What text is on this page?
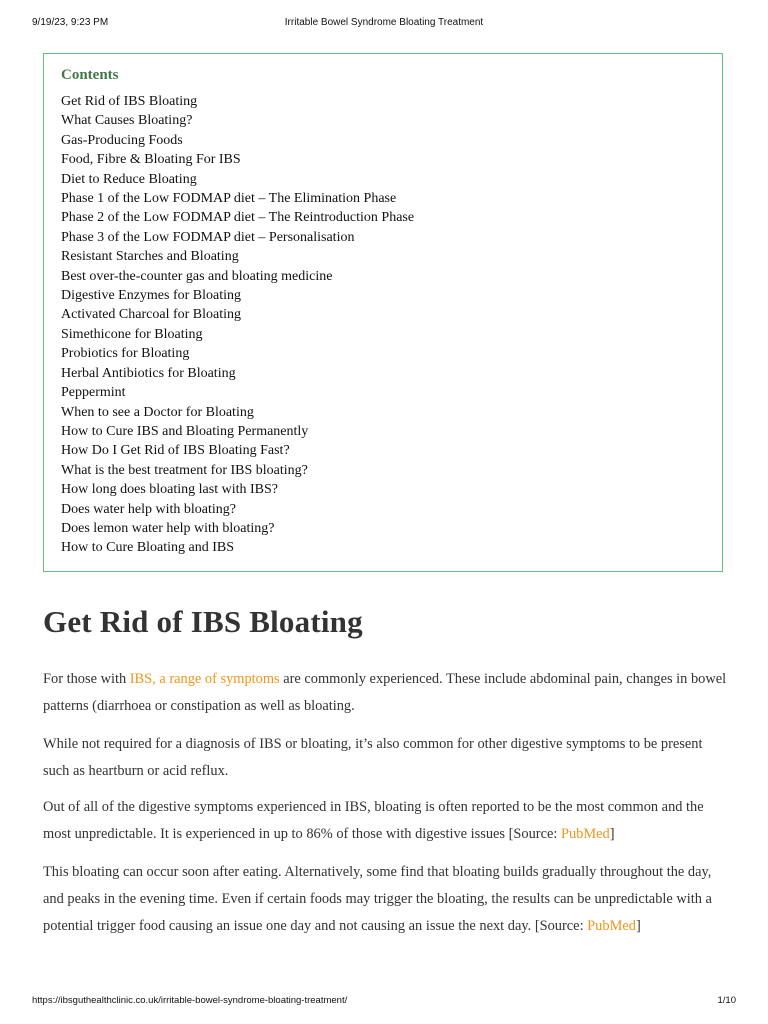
9/19/23, 9:23 PM	Irritable Bowel Syndrome Bloating Treatment
Contents
Get Rid of IBS Bloating
What Causes Bloating?
Gas-Producing Foods
Food, Fibre & Bloating For IBS
Diet to Reduce Bloating
Phase 1 of the Low FODMAP diet – The Elimination Phase
Phase 2 of the Low FODMAP diet – The Reintroduction Phase
Phase 3 of the Low FODMAP diet – Personalisation
Resistant Starches and Bloating
Best over-the-counter gas and bloating medicine
Digestive Enzymes for Bloating
Activated Charcoal for Bloating
Simethicone for Bloating
Probiotics for Bloating
Herbal Antibiotics for Bloating
Peppermint
When to see a Doctor for Bloating
How to Cure IBS and Bloating Permanently
How Do I Get Rid of IBS Bloating Fast?
What is the best treatment for IBS bloating?
How long does bloating last with IBS?
Does water help with bloating?
Does lemon water help with bloating?
How to Cure Bloating and IBS
Get Rid of IBS Bloating

For those with IBS, a range of symptoms are commonly experienced. These include abdominal pain, changes in bowel patterns (diarrhoea or constipation as well as bloating.

While not required for a diagnosis of IBS or bloating, it’s also common for other digestive symptoms to be present such as heartburn or acid reflux.

Out of all of the digestive symptoms experienced in IBS, bloating is often reported to be the most common and the most unpredictable. It is experienced in up to 86% of those with digestive issues [Source: PubMed]

This bloating can occur soon after eating. Alternatively, some find that bloating builds gradually throughout the day, and peaks in the evening time. Even if certain foods may trigger the bloating, the results can be unpredictable with a potential trigger food causing an issue one day and not causing an issue the next day. [Source: PubMed]

https://ibsguthealthclinic.co.uk/irritable-bowel-syndrome-bloating-treatment/	1/10
